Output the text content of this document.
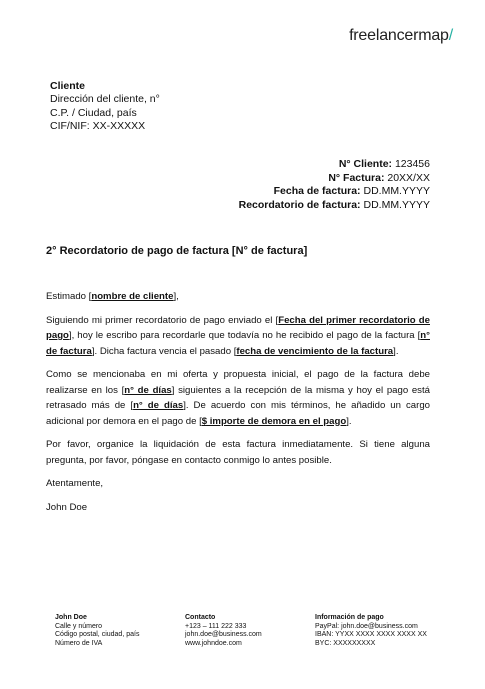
freelancermap/
Cliente
Dirección del cliente, n°
C.P. / Ciudad, país
CIF/NIF: XX-XXXXX
N° Cliente: 123456
N° Factura: 20XX/XX
Fecha de factura: DD.MM.YYYY
Recordatorio de factura: DD.MM.YYYY
2° Recordatorio de pago de factura [N° de factura]

Estimado [nombre de cliente],

Siguiendo mi primer recordatorio de pago enviado el [Fecha del primer recordatorio de pago], hoy le escribo para recordarle que todavía no he recibido el pago de la factura [n° de factura]. Dicha factura vencia el pasado [fecha de vencimiento de la factura].

Como se mencionaba en mi oferta y propuesta inicial, el pago de la factura debe realizarse en los [n° de días] siguientes a la recepción de la misma y hoy el pago está retrasado más de [n° de días]. De acuerdo con mis términos, he añadido un cargo adicional por demora en el pago de [$ importe de demora en el pago].

Por favor, organice la liquidación de esta factura inmediatamente. Si tiene alguna pregunta, por favor, póngase en contacto conmigo lo antes posible.

Atentamente,

John Doe

John Doe
Calle y número
Código postal, ciudad, país
Número de IVA
Contacto
+123 – 111 222 333
john.doe@business.com
www.johndoe.com
Información de pago
PayPal: john.doe@business.com
IBAN: YYXX XXXX XXXX XXXX XX
BYC: XXXXXXXXX
